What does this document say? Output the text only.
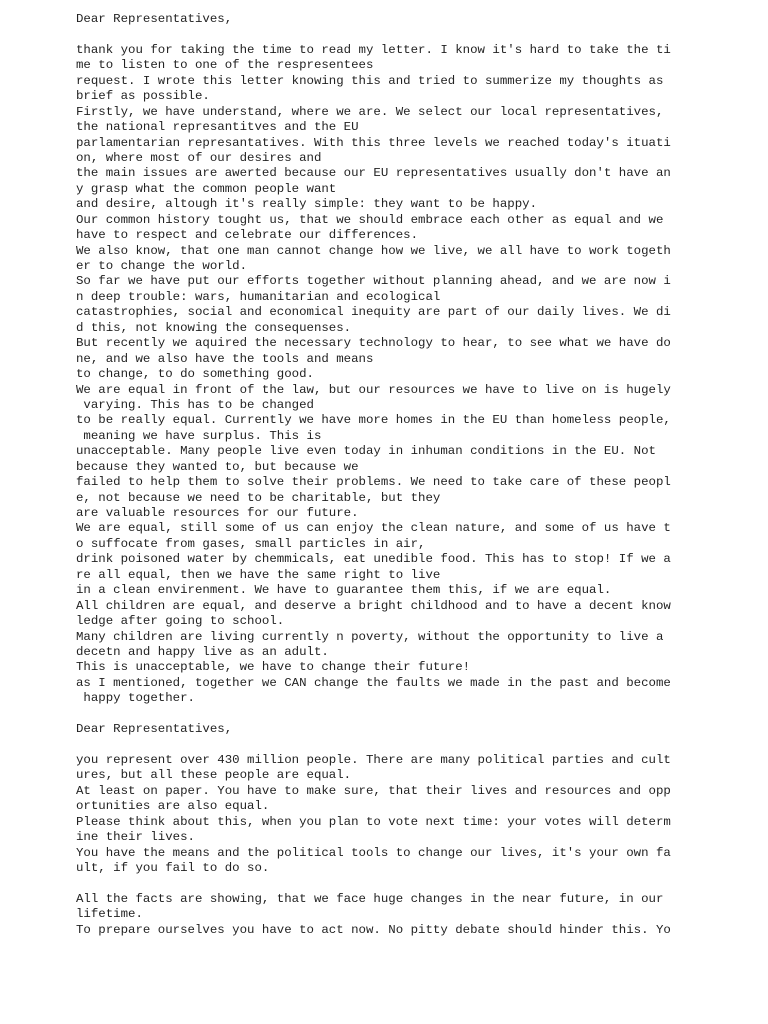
Dear Representatives,
thank you for taking the time to read my letter. I know it's hard to take the ti
me to listen to one of the respresentees
request. I wrote this letter knowing this and tried to summerize my thoughts as
brief as possible.
Firstly, we have understand, where we are. We select our local representatives,
the national represantitves and the EU
parlamentarian represantatives. With this three levels we reached today's ituati
on, where most of our desires and
the main issues are awerted because our EU representatives usually don't have an
y grasp what the common people want
and desire, altough it's really simple: they want to be happy.
Our common history tought us, that we should embrace each other as equal and we
have to respect and celebrate our differences.
We also know, that one man cannot change how we live, we all have to work togeth
er to change the world.
So far we have put our efforts together without planning ahead, and we are now i
n deep trouble: wars, humanitarian and ecological
catastrophies, social and economical inequity are part of our daily lives. We di
d this, not knowing the consequenses.
But recently we aquired the necessary technology to hear, to see what we have do
ne, and we also have the tools and means
to change, to do something good.
We are equal in front of the law, but our resources we have to live on is hugely
varying. This has to be changed
to be really equal. Currently we have more homes in the EU than homeless people,
meaning we have surplus. This is
unacceptable. Many people live even today in inhuman conditions in the EU. Not
because they wanted to, but because we
failed to help them to solve their problems. We need to take care of these peopl
e, not because we need to be charitable, but they
are valuable resources for our future.
We are equal, still some of us can enjoy the clean nature, and some of us have t
o suffocate from gases, small particles in air,
drink poisoned water by chemmicals, eat unedible food. This has to stop! If we a
re all equal, then we have the same right to live
in a clean envirenment. We have to guarantee them this, if we are equal.
All children are equal, and deserve a bright childhood and to have a decent know
ledge after going to school.
Many children are living currently n poverty, without the opportunity to live a
decetn and happy live as an adult.
This is unacceptable, we have to change their future!
as I mentioned, together we CAN change the faults we made in the past and become
happy together.
Dear Representatives,
you represent over 430 million people. There are many political parties and cult
ures, but all these people are equal.
At least on paper. You have to make sure, that their lives and resources and opp
ortunities are also equal.
Please think about this, when you plan to vote next time: your votes will determ
ine their lives.
You have the means and the political tools to change our lives, it's your own fa
ult, if you fail to do so.
All the facts are showing, that we face huge changes in the near future, in our
lifetime.
To prepare ourselves you have to act now. No pitty debate should hinder this. Yo
